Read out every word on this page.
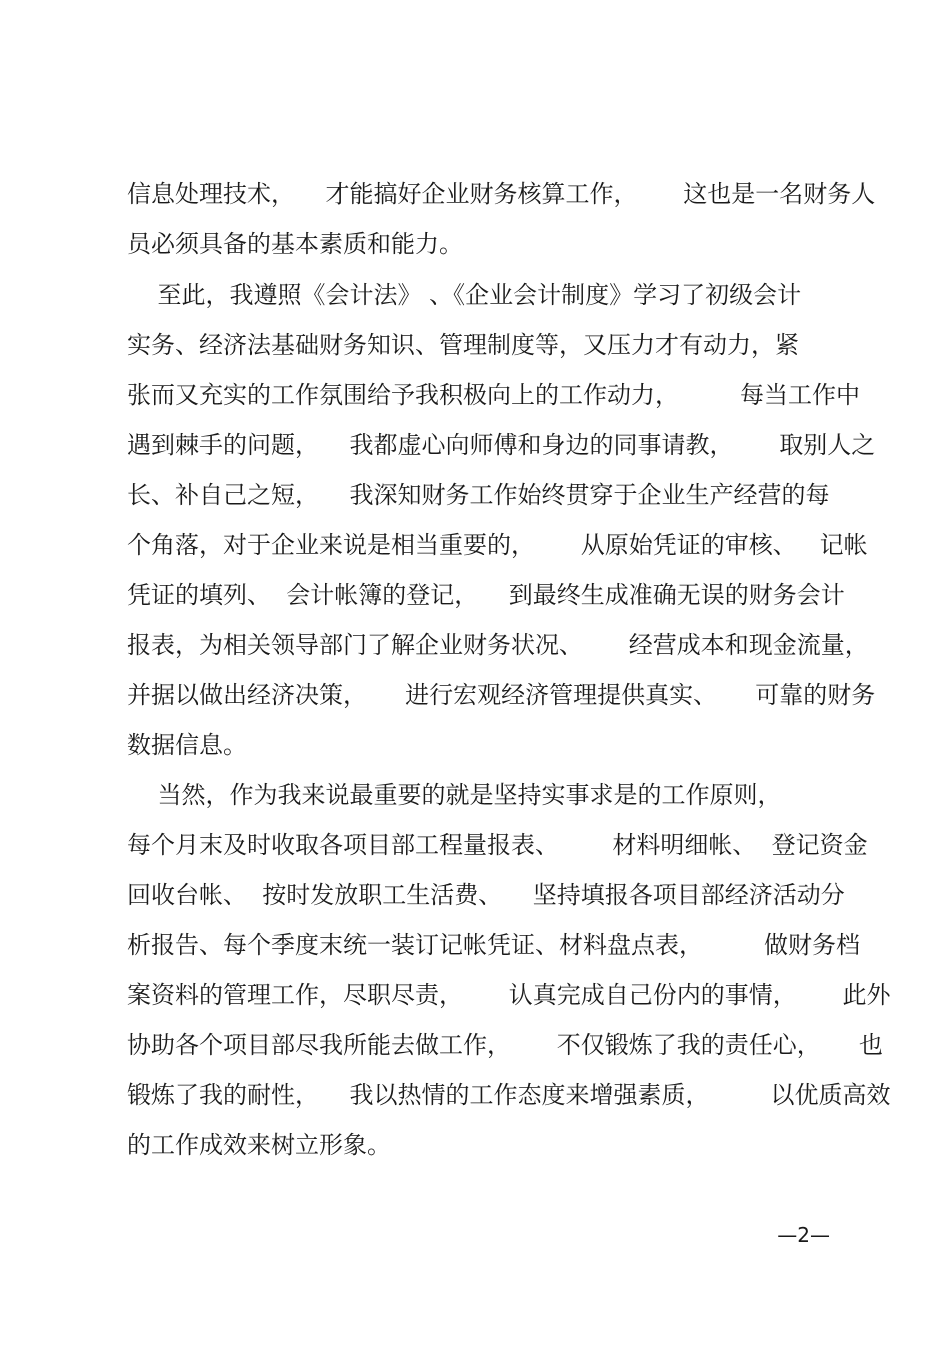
信息处理技术，    才能搞好企业财务核算工作，      这也是一名财务人
员必须具备的基本素质和能力。
至此，我遵照《会计法》 、《企业会计制度》学习了初级会计
实务、经济法基础财务知识、管理制度等，又压力才有动力，紧
张而又充实的工作氛围给予我积极向上的工作动力，        每当工作中
遇到棘手的问题，    我都虚心向师傅和身边的同事请教，      取别人之
长、补自己之短，    我深知财务工作始终贯穿于企业生产经营的每
个角落，对于企业来说是相当重要的，      从原始凭证的审核、   记帐
凭证的填列、  会计帐簿的登记，    到最终生成准确无误的财务会计
报表，为相关领导部门了解企业财务状况、      经营成本和现金流量，
并据以做出经济决策，     进行宏观经济管理提供真实、     可靠的财务
数据信息。
当然，作为我来说最重要的就是坚持实事求是的工作原则，
每个月末及时收取各项目部工程量报表、       材料明细帐、  登记资金
回收台帐、  按时发放职工生活费、    坚持填报各项目部经济活动分
析报告、每个季度末统一装订记帐凭证、材料盘点表，        做财务档
案资料的管理工作，尽职尽责，      认真完成自己份内的事情，      此外
协助各个项目部尽我所能去做工作，      不仅锻炼了我的责任心，     也
锻炼了我的耐性，    我以热情的工作态度来增强素质，        以优质高效
的工作成效来树立形象。
—2—
